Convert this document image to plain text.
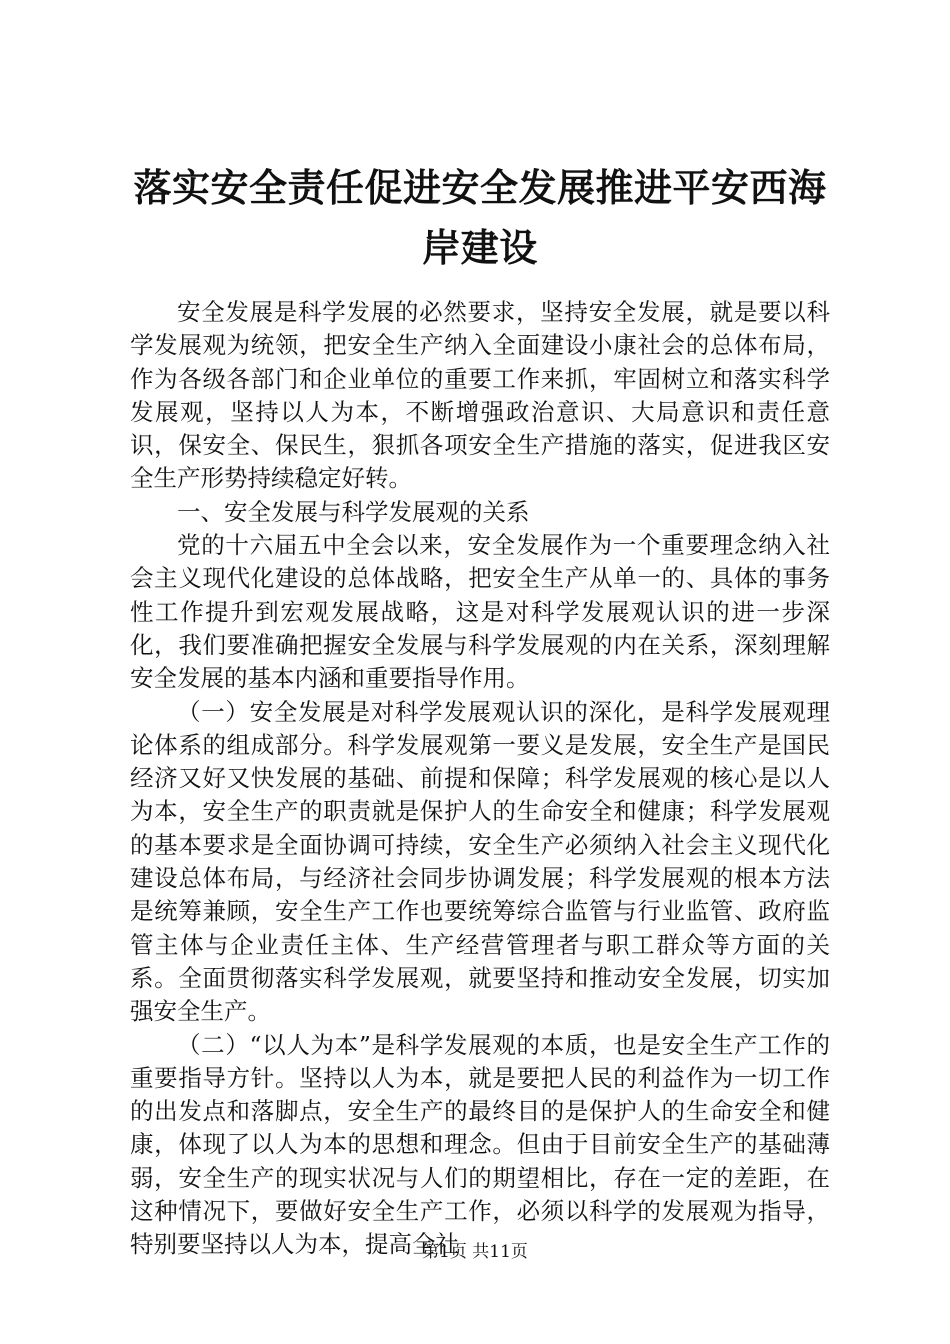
落实安全责任促进安全发展推进平安西海岸建设

安全发展是科学发展的必然要求，坚持安全发展，就是要以科学发展观为统领，把安全生产纳入全面建设小康社会的总体布局，作为各级各部门和企业单位的重要工作来抓，牢固树立和落实科学发展观，坚持以人为本，不断增强政治意识、大局意识和责任意识，保安全、保民生，狠抓各项安全生产措施的落实，促进我区安全生产形势持续稳定好转。

一、安全发展与科学发展观的关系

党的十六届五中全会以来，安全发展作为一个重要理念纳入社会主义现代化建设的总体战略，把安全生产从单一的、具体的事务性工作提升到宏观发展战略，这是对科学发展观认识的进一步深化，我们要准确把握安全发展与科学发展观的内在关系，深刻理解安全发展的基本内涵和重要指导作用。

（一）安全发展是对科学发展观认识的深化，是科学发展观理论体系的组成部分。科学发展观第一要义是发展，安全生产是国民经济又好又快发展的基础、前提和保障；科学发展观的核心是以人为本，安全生产的职责就是保护人的生命安全和健康；科学发展观的基本要求是全面协调可持续，安全生产必须纳入社会主义现代化建设总体布局，与经济社会同步协调发展；科学发展观的根本方法是统筹兼顾，安全生产工作也要统筹综合监管与行业监管、政府监管主体与企业责任主体、生产经营管理者与职工群众等方面的关系。全面贯彻落实科学发展观，就要坚持和推动安全发展，切实加强安全生产。

（二）“以人为本”是科学发展观的本质，也是安全生产工作的重要指导方针。坚持以人为本，就是要把人民的利益作为一切工作的出发点和落脚点，安全生产的最终目的是保护人的生命安全和健康，体现了以人为本的思想和理念。但由于目前安全生产的基础薄弱，安全生产的现实状况与人们的期望相比，存在一定的差距，在这种情况下，要做好安全生产工作，必须以科学的发展观为指导，特别要坚持以人为本，提高全社

第1页 共11页
